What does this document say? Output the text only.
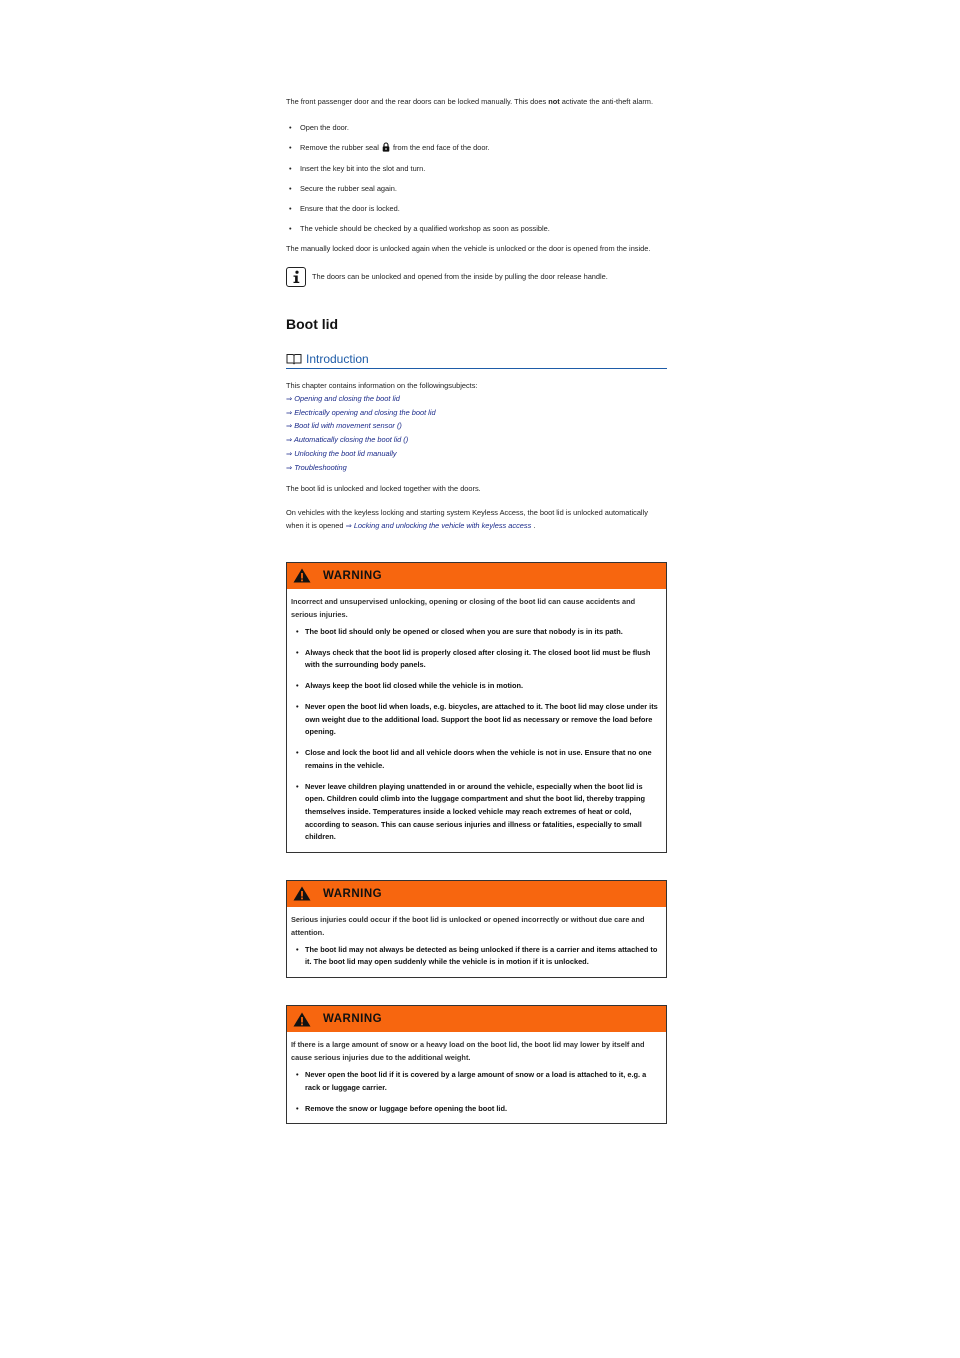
The front passenger door and the rear doors can be locked manually. This does not activate the anti-theft alarm.

• Open the door.
• Remove the rubber seal  from the end face of the door.
• Insert the key bit into the slot and turn.
• Secure the rubber seal again.
• Ensure that the door is locked.
• The vehicle should be checked by a qualified workshop as soon as possible.

The manually locked door is unlocked again when the vehicle is unlocked or the door is opened from the inside.

The doors can be unlocked and opened from the inside by pulling the door release handle.
Boot lid
Introduction

This chapter contains information on the followingsubjects:

⇒ Opening and closing the boot lid
⇒ Electrically opening and closing the boot lid
⇒ Boot lid with movement sensor ()
⇒ Automatically closing the boot lid ()
⇒ Unlocking the boot lid manually
⇒ Troubleshooting

The boot lid is unlocked and locked together with the doors.

On vehicles with the keyless locking and starting system Keyless Access, the boot lid is unlocked automatically when it is opened ⇒ Locking and unlocking the vehicle with keyless access .

WARNING

Incorrect and unsupervised unlocking, opening or closing of the boot lid can cause accidents and serious injuries.

• The boot lid should only be opened or closed when you are sure that nobody is in its path.
• Always check that the boot lid is properly closed after closing it. The closed boot lid must be flush with the surrounding body panels.
• Always keep the boot lid closed while the vehicle is in motion.
• Never open the boot lid when loads, e.g. bicycles, are attached to it. The boot lid may close under its own weight due to the additional load. Support the boot lid as necessary or remove the load before opening.
• Close and lock the boot lid and all vehicle doors when the vehicle is not in use. Ensure that no one remains in the vehicle.
• Never leave children playing unattended in or around the vehicle, especially when the boot lid is open. Children could climb into the luggage compartment and shut the boot lid, thereby trapping themselves inside. Temperatures inside a locked vehicle may reach extremes of heat or cold, according to season. This can cause serious injuries and illness or fatalities, especially to small children.
WARNING

Serious injuries could occur if the boot lid is unlocked or opened incorrectly or without due care and attention.

• The boot lid may not always be detected as being unlocked if there is a carrier and items attached to it. The boot lid may open suddenly while the vehicle is in motion if it is unlocked.
WARNING

If there is a large amount of snow or a heavy load on the boot lid, the boot lid may lower by itself and cause serious injuries due to the additional weight.

• Never open the boot lid if it is covered by a large amount of snow or a load is attached to it, e.g. a rack or luggage carrier.
• Remove the snow or luggage before opening the boot lid.
